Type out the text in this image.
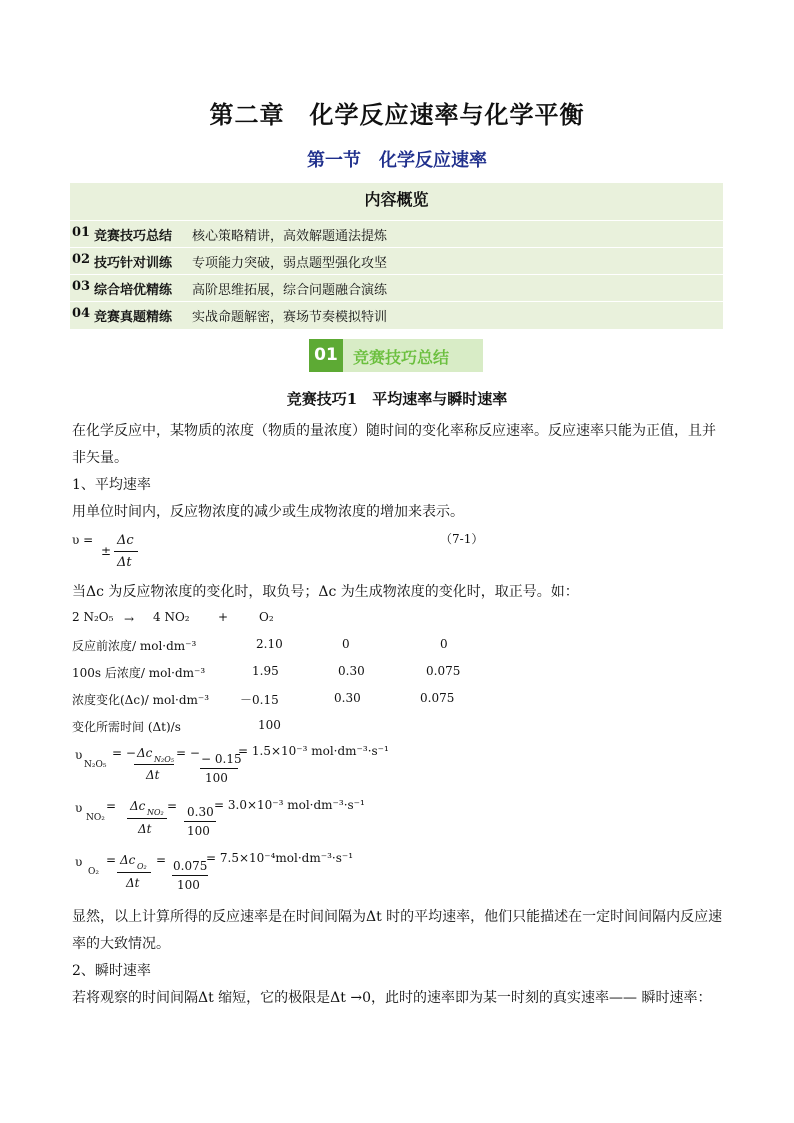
第二章　化学反应速率与化学平衡
第一节　化学反应速率
内容概览
01 竞赛技巧总结 核心策略精讲，高效解题通法提炼
02 技巧针对训练 专项能力突破，弱点题型强化攻坚
03 综合培优精练 高阶思维拓展，综合问题融合演练
04 竞赛真题精练 实战命题解密，赛场节奏模拟特训
01 竞赛技巧总结
竞赛技巧1　平均速率与瞬时速率
在化学反应中，某物质的浓度（物质的量浓度）随时间的变化率称反应速率。反应速率只能为正值，且并
非矢量。
1、平均速率
用单位时间内，反应物浓度的减少或生成物浓度的增加来表示。
υ =
±
Δc
Δt
（7-1）
当Δc 为反应物浓度的变化时，取负号；Δc 为生成物浓度的变化时，取正号。如：
2 N₂O₅ → 4 NO₂ +	O₂
反应前浓度/ mol·dm⁻³	2.10	0	0
100s 后浓度/ mol·dm⁻³	1.95	0.30	0.075
浓度变化(Δc)/ mol·dm⁻³	－0.15	0.30	0.075
变化所需时间 (Δt)/s	100
υ
N₂O₅
= − Δc N₂O₅
Δt
= − − 0.15
100
= 1.5×10⁻³ mol·dm⁻³·s⁻¹
υ
NO₂
= Δc NO₂
Δt
= 0.30
100
= 3.0×10⁻³ mol·dm⁻³·s⁻¹
υ
O₂
= Δc O₂
Δt
= 0.075
100
= 7.5×10⁻⁴mol·dm⁻³·s⁻¹
显然，以上计算所得的反应速率是在时间间隔为Δt 时的平均速率，他们只能描述在一定时间间隔内反应速
率的大致情况。
2、瞬时速率
若将观察的时间间隔Δt 缩短，它的极限是Δt →0，此时的速率即为某一时刻的真实速率—— 瞬时速率：
